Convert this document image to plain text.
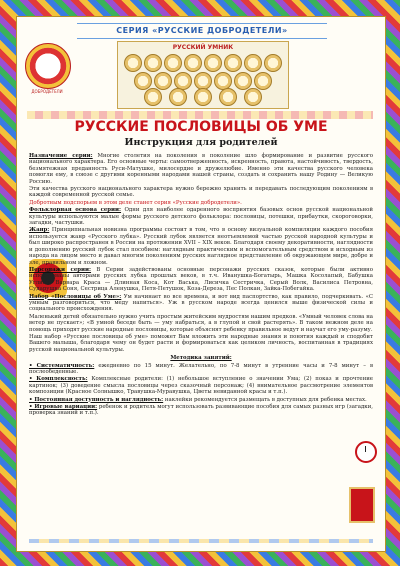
СЕРИЯ «РУССКИЕ ДОБРОДЕТЕЛИ»
ДОБРОДЕТЕЛИ
РУССКИЙ УМНИК
РУССКИЕ ПОСЛОВИЦЫ ОБ УМЕ
Инструкция для родителей

Назначение серии: Многие столетия на поколения в поколение шло формирование и развитие русского национального характера. Его основные черты: самоотверженность, искренность, правота, настойчивость, твердость, безмятежная преданность Руси-Матушке, милосердие и дружелюбие. Именно эти качества русского человека помогли ему, в союзе с другими коренными народами нашей страны, создать и сохранить нашу Родину — Великую Россию.

Эти качества русского национального характера нужно бережно хранить и передавать последующим поколениям в каждой современной русской семье.

Добротным подспорьем в этом деле станет серия «Русские добродетели».

Фольклорная основа серии: Одни для наиболее одаренного восприятия базовых основ русской национальной культуры используются малые формы русского детского фольклора: пословицы, потешки, прибаутки, скороговорки, загадки, частушки.

Жанр: Принципиальная новизна программы состоит в том, что в основу визуальной компиляции каждого пособия используется жанр «Русского лубка». Русский лубок является неотъемлемой частью русской народной культуры и был широко распространен в России на протяжении XVII – XIX веков. Благодаря своему декоративности, наглядности и дополнению русский лубок стал пособием: наглядным практическим и вспомогательным средством и исходным из народа на лицом место и давал многим поколениям русских наглядное представление об окружающем мире, добре и зле, правильном и ложном.

Персонажи серии: В Серии задействованы основные персонажи русских сказок, которые были активно использованы авторами русских лубка прошлых веков, в т.ч. Иванушка-Богатырь, Машка Косолапый, Бабушка Углина, Варвара Краса — Длинная Коса, Кот Васька, Лисичка Сестричка, Серый Волк, Василиса Петровна, Сударушка Соня, Сестрица Аленушка, Петя-Петушок, Коза-Дереза, Пес Полкан, Зайка-Побегайка.

Набор «Пословицы об Уме»: Ум начинает во все времена, и вот вид паспортство, как правило, подчеркивать. «С умным разговориться, что меду напиться». Уж в русском народе всегда ценился выше физической силы и социального происхождения.

Маленький детей обязательно нужно учить простым житейским мудростям нашим предков. «Умный человек слова на ветер не пускает»; «В умной беседе быть — уму набраться, а в глупой и свой растерять». В таком нежном деле на помощь приходят русские народные пословицы, которые объяснят ребенку правильное ведут и научат его уму-разуму.

Наш набор «Русские пословицы об уме» поможет Вам вложить эти народные знания и понятия каждый и сподобит Вашего малыша, благодаря чему он будет расти и формироваться как целиком личность, воспитанная в традициях русской национальной культуры.

Методика занятий:

• Систематичность: ежедневно по 15 минут. Желательно, по 7-8 минут в утренние часы и 7-8 минут – в послеобеденные.

• Комплексность: Комплексные родители: (1) небольшое вступление о значении Ума; (2) показ и прочтение картинок; (3) доведение смысла пословицы через сказочный персонаж; (4) внимательное рассмотрение элементов композиции (Красное Солнышко, Травушка-Муравушка, Цветы невиданной красы и т.п.).

• Постоянная доступность и наглядность: наклейки рекомендуется размещать в доступных для ребенка местах.

• Игровые вариации: ребенок и родитель могут использовать развивающие пособия для самых разных игр (загадки, проверка знаний и т.п.).
